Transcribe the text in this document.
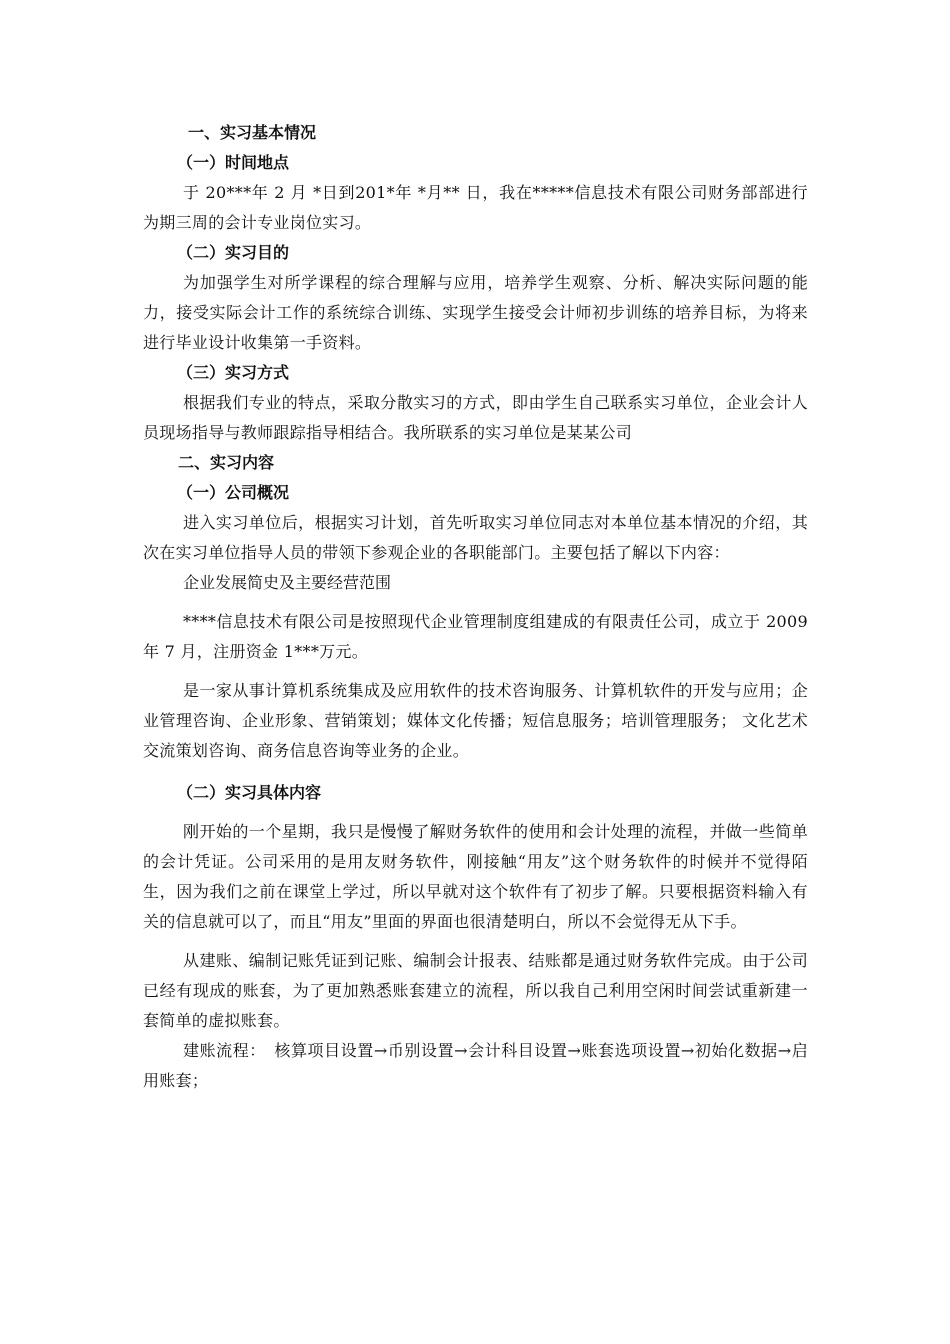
一、实习基本情况

（一）时间地点

于 20***年 2 月 *日到201*年 *月** 日，我在*****信息技术有限公司财务部部进行为期三周的会计专业岗位实习。

（二）实习目的

为加强学生对所学课程的综合理解与应用，培养学生观察、分析、解决实际问题的能力，接受实际会计工作的系统综合训练、实现学生接受会计师初步训练的培养目标，为将来进行毕业设计收集第一手资料。

（三）实习方式

根据我们专业的特点，采取分散实习的方式，即由学生自己联系实习单位，企业会计人员现场指导与教师跟踪指导相结合。我所联系的实习单位是某某公司

二、实习内容

（一）公司概况

进入实习单位后，根据实习计划，首先听取实习单位同志对本单位基本情况的介绍，其次在实习单位指导人员的带领下参观企业的各职能部门。主要包括了解以下内容：

企业发展简史及主要经营范围

****信息技术有限公司是按照现代企业管理制度组建成的有限责任公司，成立于 2009 年 7 月，注册资金 1***万元。

是一家从事计算机系统集成及应用软件的技术咨询服务、计算机软件的开发与应用；企业管理咨询、企业形象、营销策划；媒体文化传播；短信息服务；培训管理服务； 文化艺术交流策划咨询、商务信息咨询等业务的企业。

（二）实习具体内容

刚开始的一个星期，我只是慢慢了解财务软件的使用和会计处理的流程，并做一些简单的会计凭证。公司采用的是用友财务软件，刚接触“用友”这个财务软件的时候并不觉得陌生，因为我们之前在课堂上学过，所以早就对这个软件有了初步了解。只要根据资料输入有关的信息就可以了，而且“用友”里面的界面也很清楚明白，所以不会觉得无从下手。

从建账、编制记账凭证到记账、编制会计报表、结账都是通过财务软件完成。由于公司已经有现成的账套，为了更加熟悉账套建立的流程，所以我自己利用空闲时间尝试重新建一套简单的虚拟账套。

建账流程：　核算项目设置→币别设置→会计科目设置→账套选项设置→初始化数据→启用账套；
